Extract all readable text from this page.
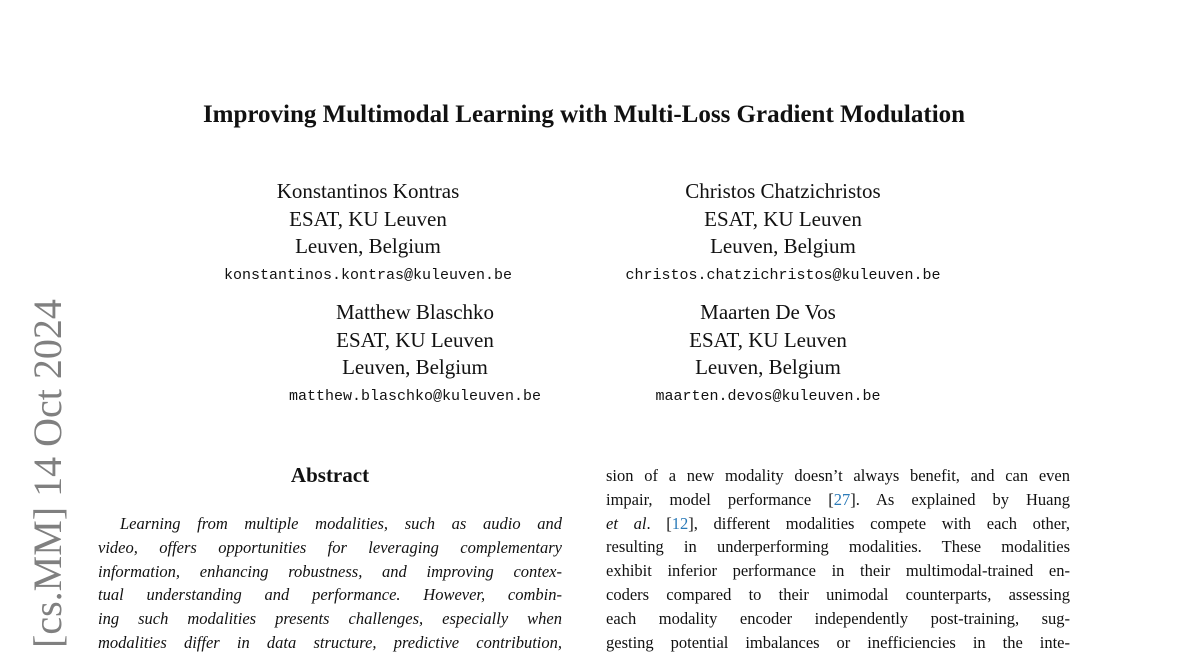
Improving Multimodal Learning with Multi-Loss Gradient Modulation
[cs.MM] 14 Oct 2024
Konstantinos Kontras
ESAT, KU Leuven
Leuven, Belgium
konstantinos.kontras@kuleuven.be
Christos Chatzichristos
ESAT, KU Leuven
Leuven, Belgium
christos.chatzichristos@kuleuven.be
Matthew Blaschko
ESAT, KU Leuven
Leuven, Belgium
matthew.blaschko@kuleuven.be
Maarten De Vos
ESAT, KU Leuven
Leuven, Belgium
maarten.devos@kuleuven.be
Abstract
Learning from multiple modalities, such as audio and
video, offers opportunities for leveraging complementary
information, enhancing robustness, and improving contex-
tual understanding and performance. However, combin-
ing such modalities presents challenges, especially when
modalities differ in data structure, predictive contribution,
sion of a new modality doesn’t always benefit, and can even
impair, model performance [27]. As explained by Huang
et al. [12], different modalities compete with each other,
resulting in underperforming modalities. These modalities
exhibit inferior performance in their multimodal-trained en-
coders compared to their unimodal counterparts, assessing
each modality encoder independently post-training, sug-
gesting potential imbalances or inefficiencies in the inte-
